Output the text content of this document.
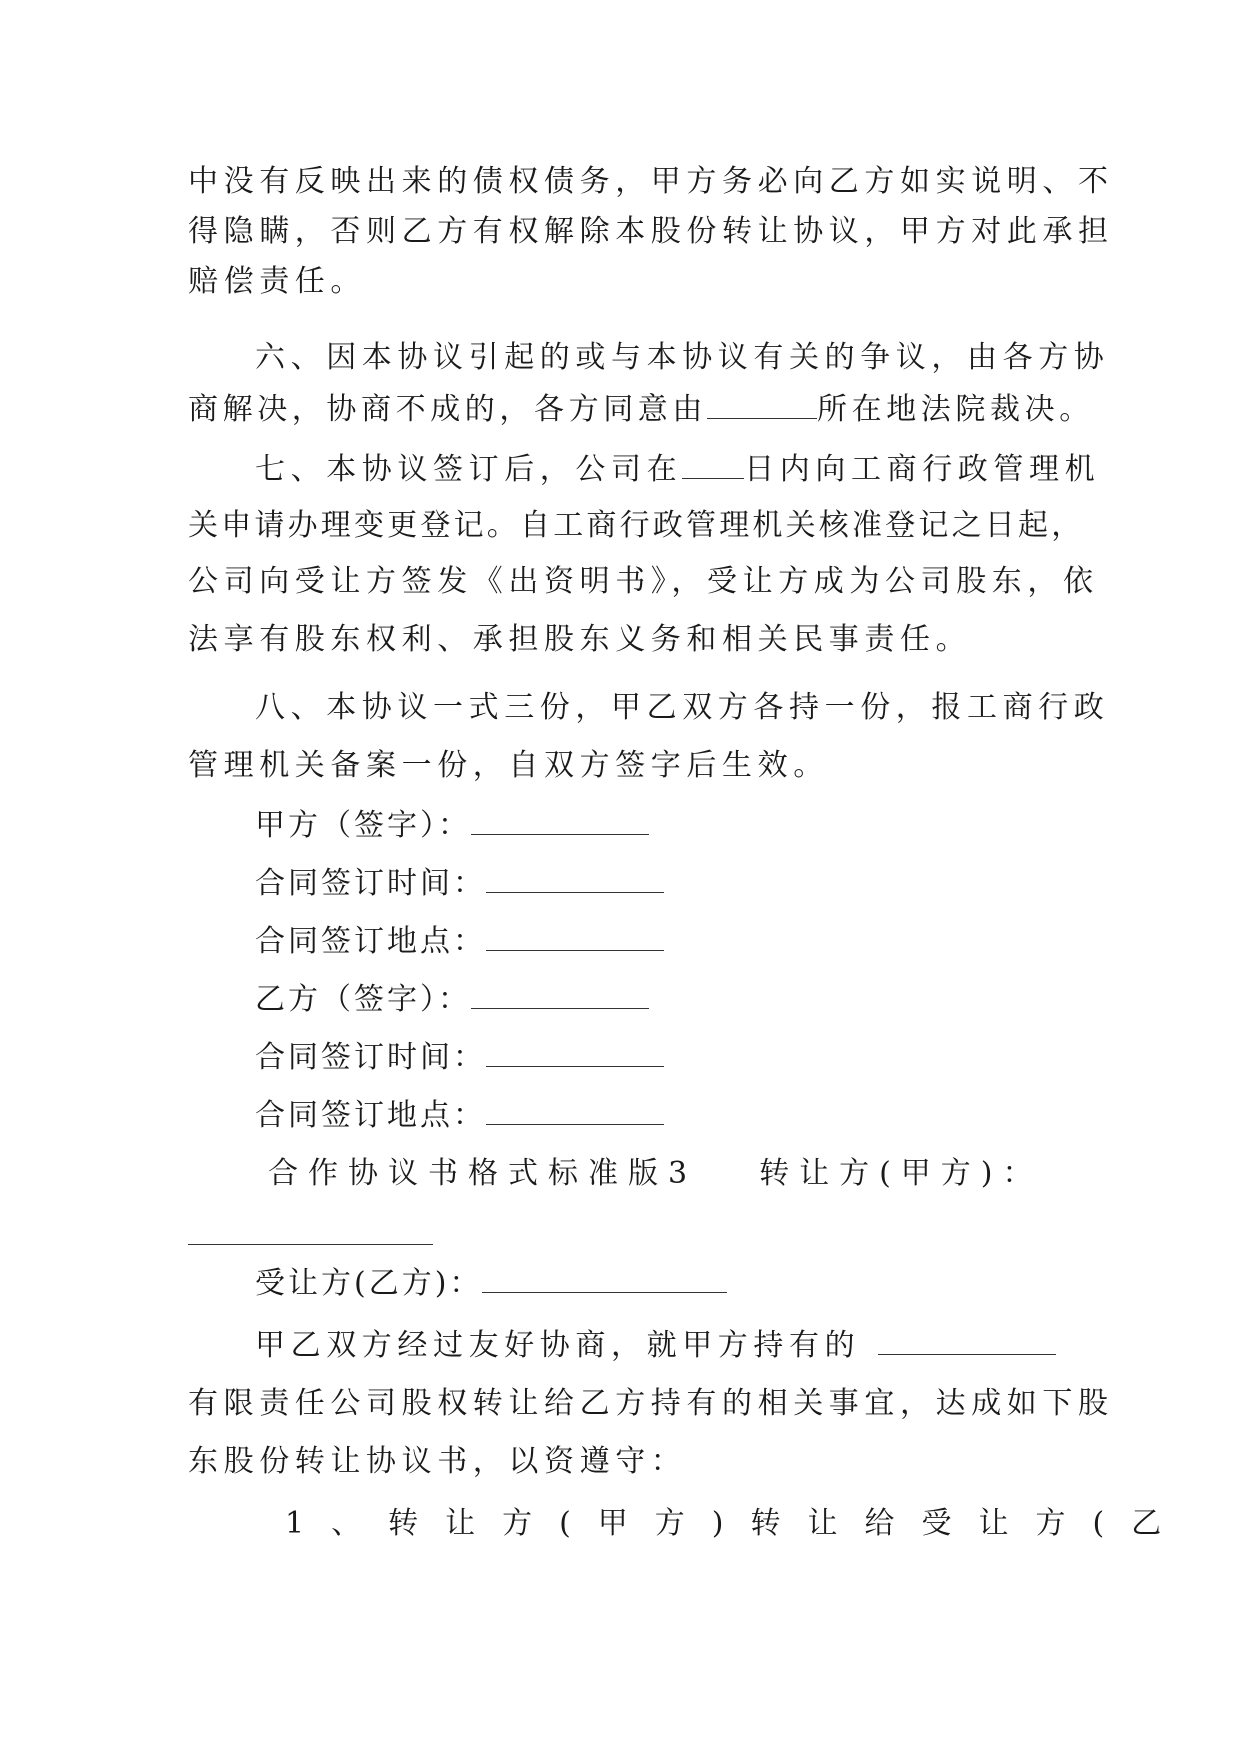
中没有反映出来的债权债务，甲方务必向乙方如实说明、不
得隐瞒，否则乙方有权解除本股份转让协议，甲方对此承担
赔偿责任。
六、因本协议引起的或与本协议有关的争议，由各方协
商解决，协商不成的，各方同意由	所在地法院裁决。
七、本协议签订后，公司在 日内向工商行政管理机
关申请办理变更登记。自工商行政管理机关核准登记之日起，
公司向受让方签发《出资明书》，受让方成为公司股东，依
法享有股东权利、承担股东义务和相关民事责任。
八、本协议一式三份，甲乙双方各持一份，报工商行政
管理机关备案一份，自双方签字后生效。
甲方（签字）：
合同签订时间：
合同签订地点：
乙方（签字）：
合同签订时间：
合同签订地点：
合作协议书格式标准版3 转让方(甲方)：
受让方(乙方)：
甲乙双方经过友好协商，就甲方持有的
有限责任公司股权转让给乙方持有的相关事宜，达成如下股
东股份转让协议书，以资遵守：
1、转让方(甲方)转让给受让方(乙
